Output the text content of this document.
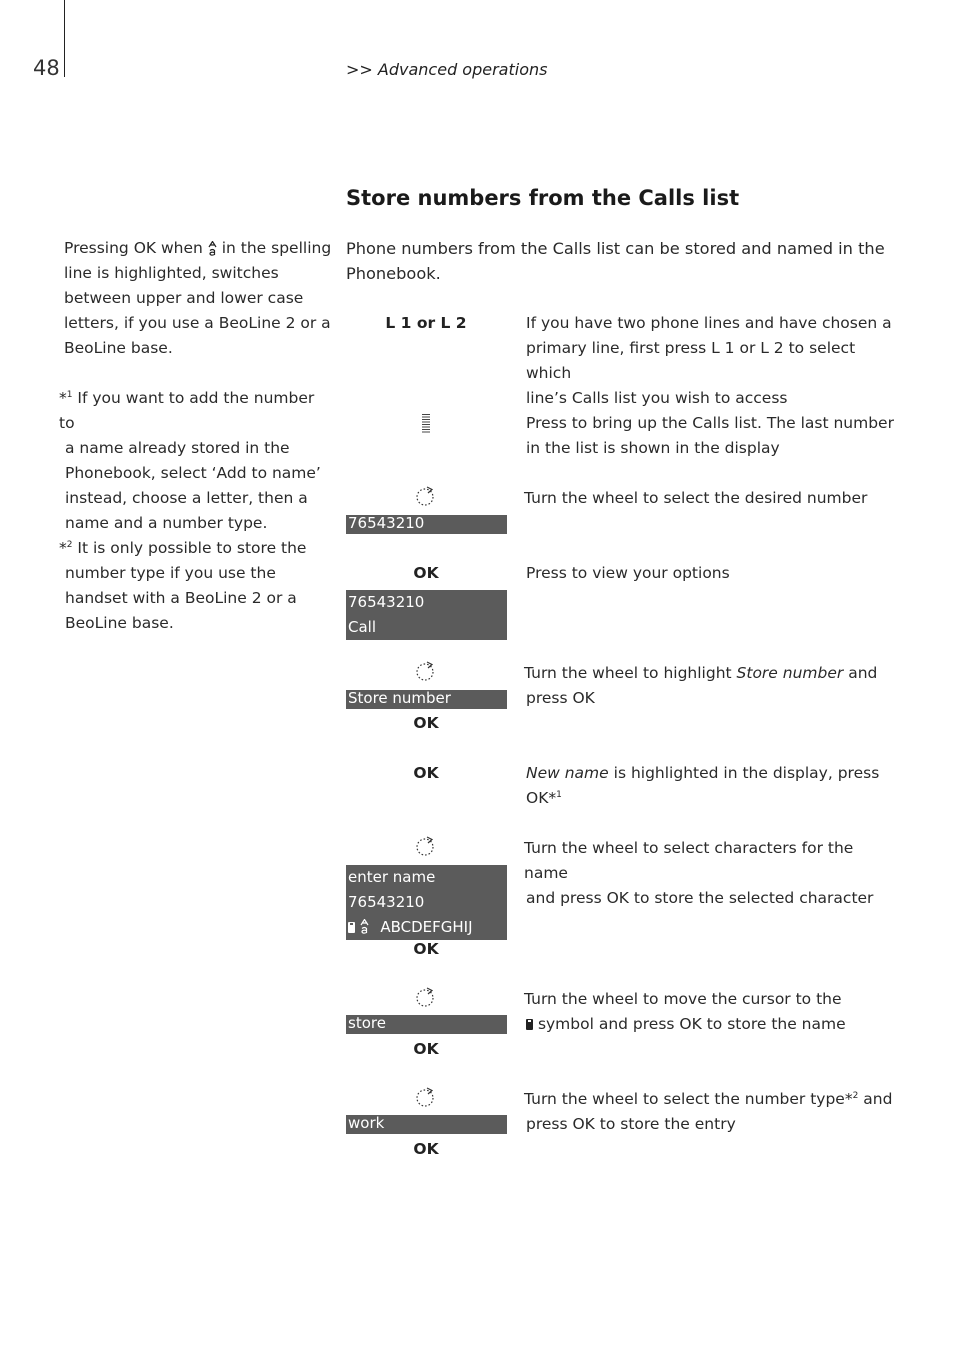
48	>> Advanced operations
Store numbers from the Calls list
Phone numbers from the Calls list can be stored and named in the Phonebook.
Pressing OK when in the spelling
line is highlighted, switches
between upper and lower case
letters, if you use a BeoLine 2 or a
BeoLine base.
*$^1$ If you want to add the number to
a name already stored in the
Phonebook, select ‘Add to name’
instead, choose a letter, then a
name and a number type.
*$^2$ It is only possible to store the
number type if you use the
handset with a BeoLine 2 or a
BeoLine base.
L 1 or L 2	If you have two phone lines and have chosen a
primary line, first press L 1 or L 2 to select which
line’s Calls list you wish to access
Press to bring up the Calls list. The last number
in the list is shown in the display
Turn the wheel to select the desired number
76543210
OK	Press to view your options
76543210
Call
Turn the wheel to highlight Store number and
press OK
Store number
OK
OK	New name is highlighted in the display, press
OK*$^1$
Turn the wheel to select characters for the name
and press OK to store the selected character
enter name
76543210
ABCDEFGHIJ
OK
Turn the wheel to move the cursor to the
symbol and press OK to store the name
store
OK
Turn the wheel to select the number type*$^2$ and
press OK to store the entry
work
OK
